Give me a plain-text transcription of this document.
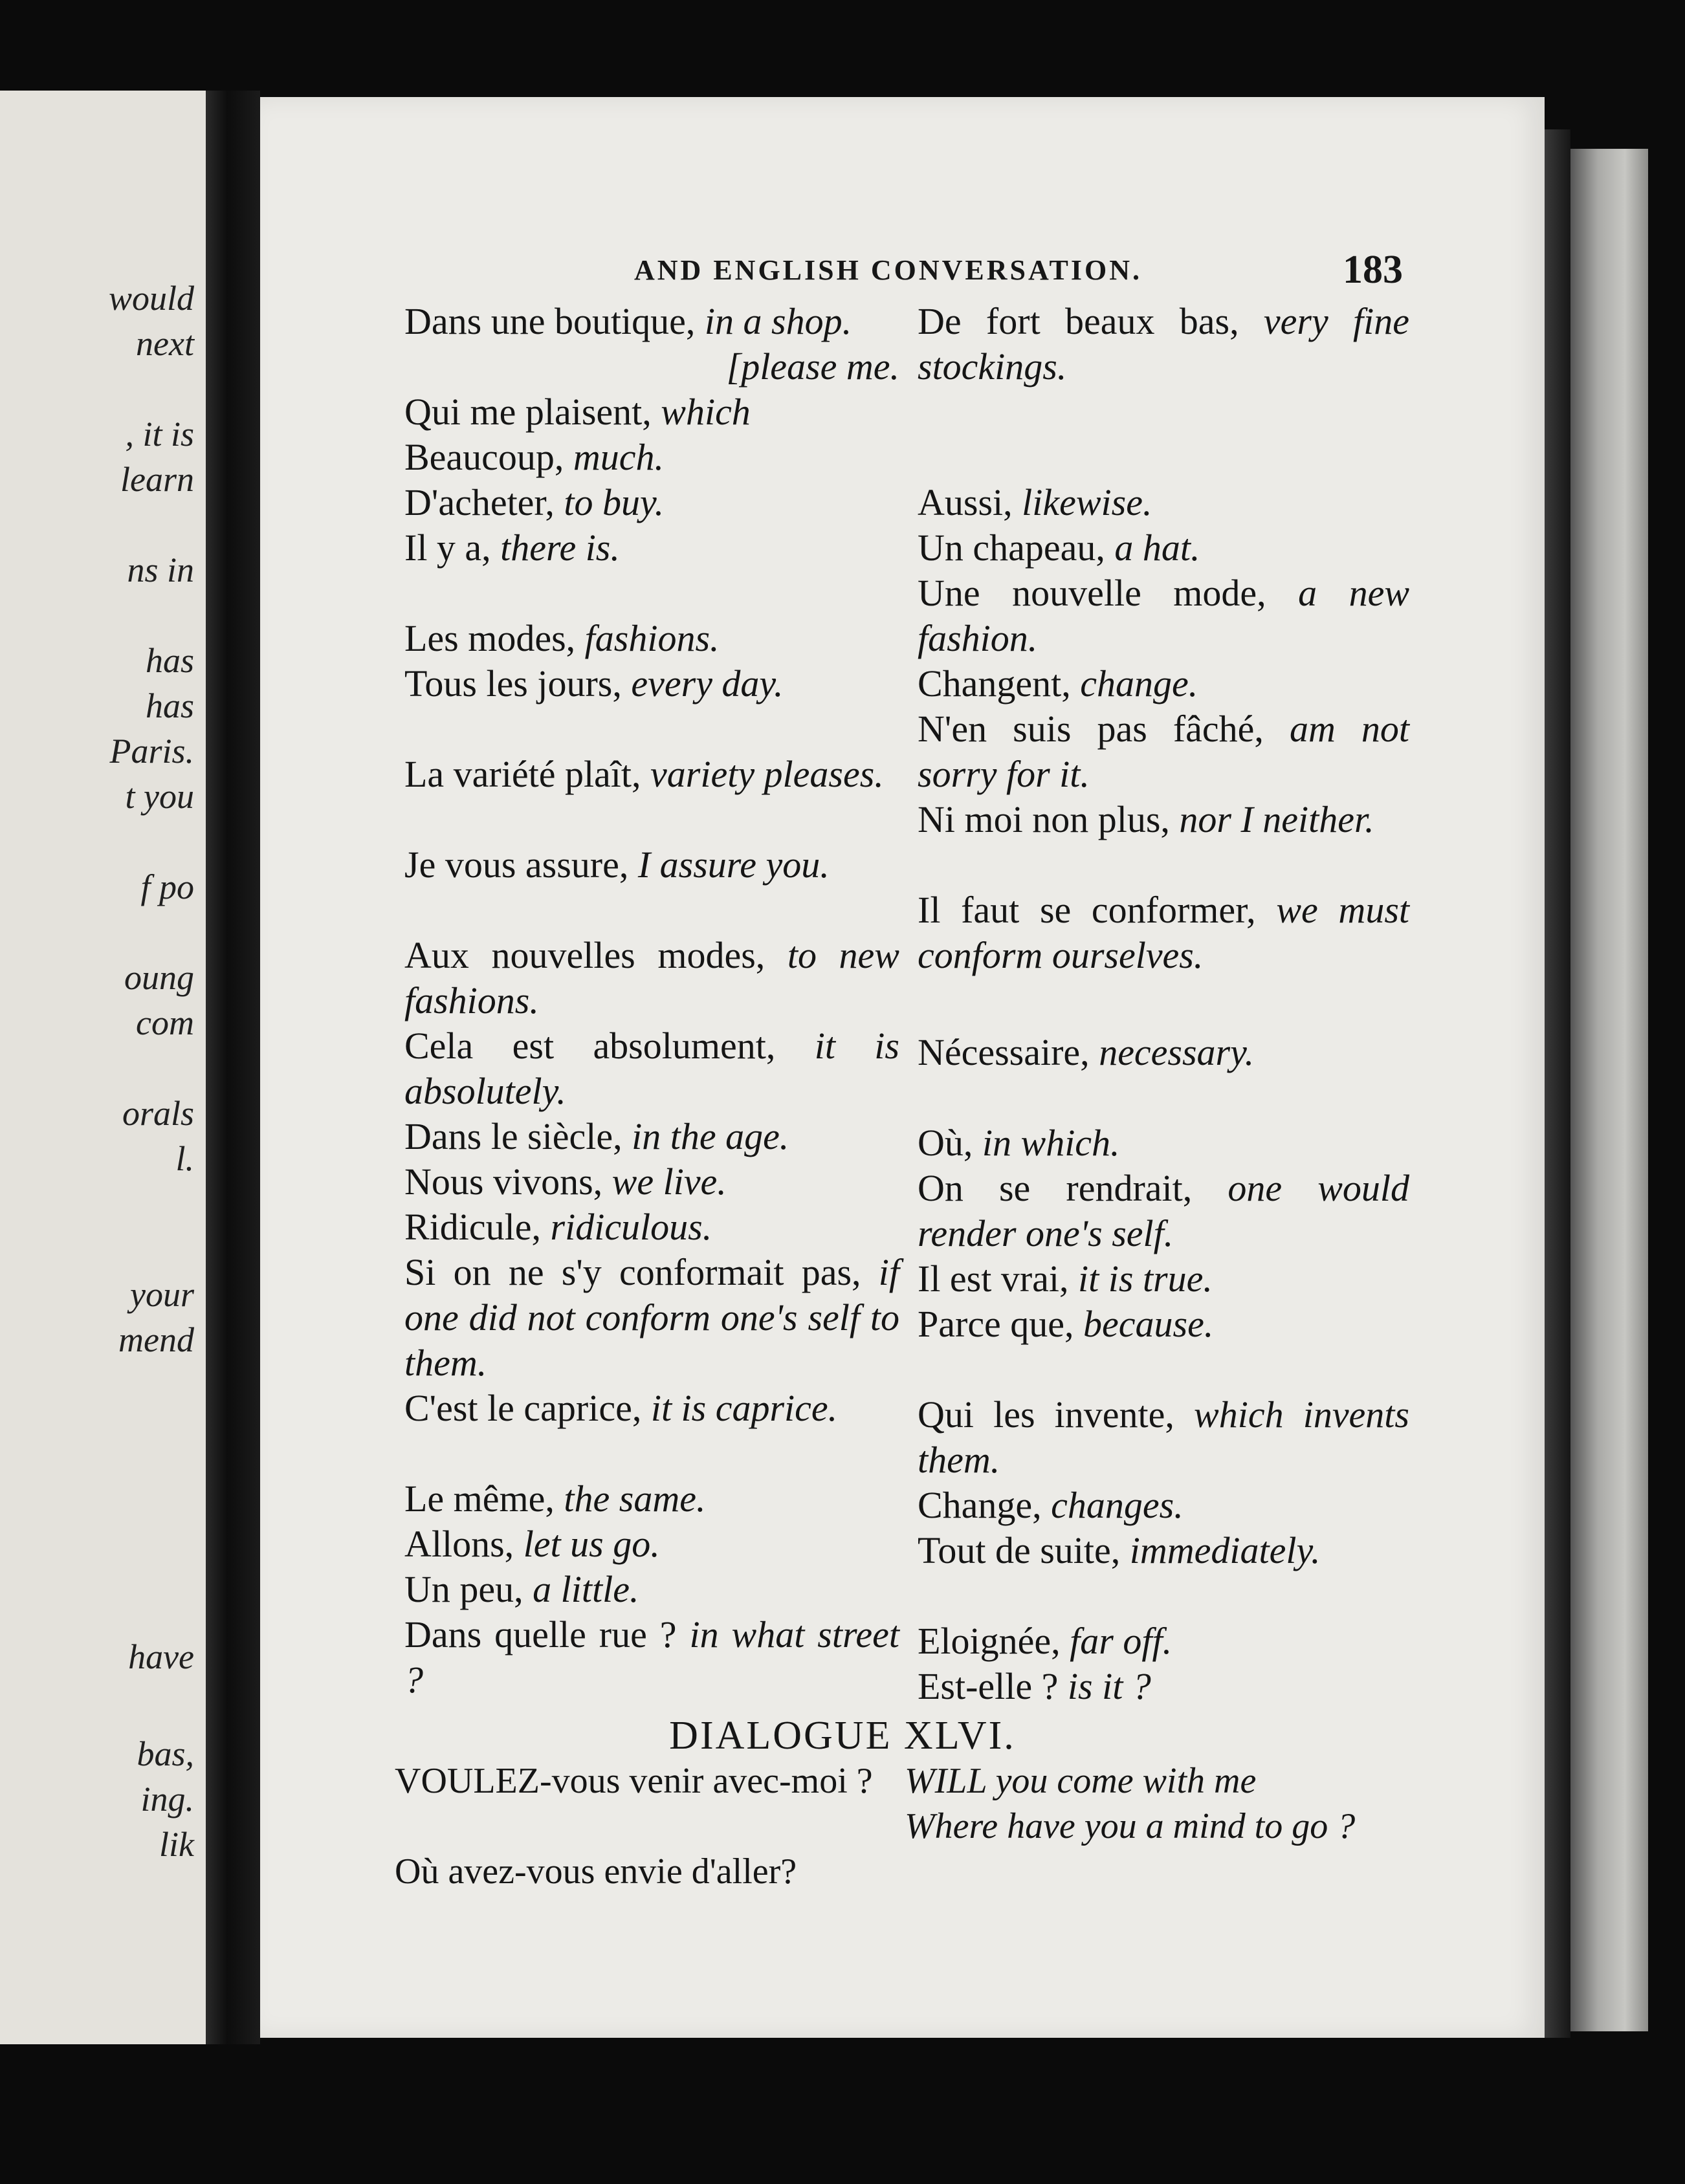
would
next
, it is
learn
ns in
has
has
Paris.
t you
f po
oung
com
orals
l.
your
mend
have
bas,
ing.
lik
AND ENGLISH CONVERSATION.	183

Dans une boutique, in a shop.
[please me.

Qui me plaisent, which

Beaucoup, much.

D'acheter, to buy.

Il y a, there is.

Les modes, fashions.

Tous les jours, every day.

La variété plaît, variety pleases.

Je vous assure, I assure you.

Aux nouvelles modes, to new fashions.

Cela est absolument, it is absolutely.

Dans le siècle, in the age.

Nous vivons, we live.

Ridicule, ridiculous.

Si on ne s'y conformait pas, if one did not conform one's self to them.

C'est le caprice, it is caprice.

Le même, the same.

Allons, let us go.

Un peu, a little.

Dans quelle rue ? in what street ?

De fort beaux bas, very fine stockings.

Aussi, likewise.

Un chapeau, a hat.

Une nouvelle mode, a new fashion.

Changent, change.

N'en suis pas fâché, am not sorry for it.

Ni moi non plus, nor I neither.

Il faut se conformer, we must conform ourselves.

Nécessaire, necessary.

Où, in which.

On se rendrait, one would render one's self.

Il est vrai, it is true.

Parce que, because.

Qui les invente, which invents them.

Change, changes.

Tout de suite, immediately.

Eloignée, far off.

Est-elle ? is it ?

DIALOGUE XLVI.

VOULEZ-vous venir avec-moi ?

Où avez-vous envie d'aller?

WILL you come with me

Where have you a mind to go ?
